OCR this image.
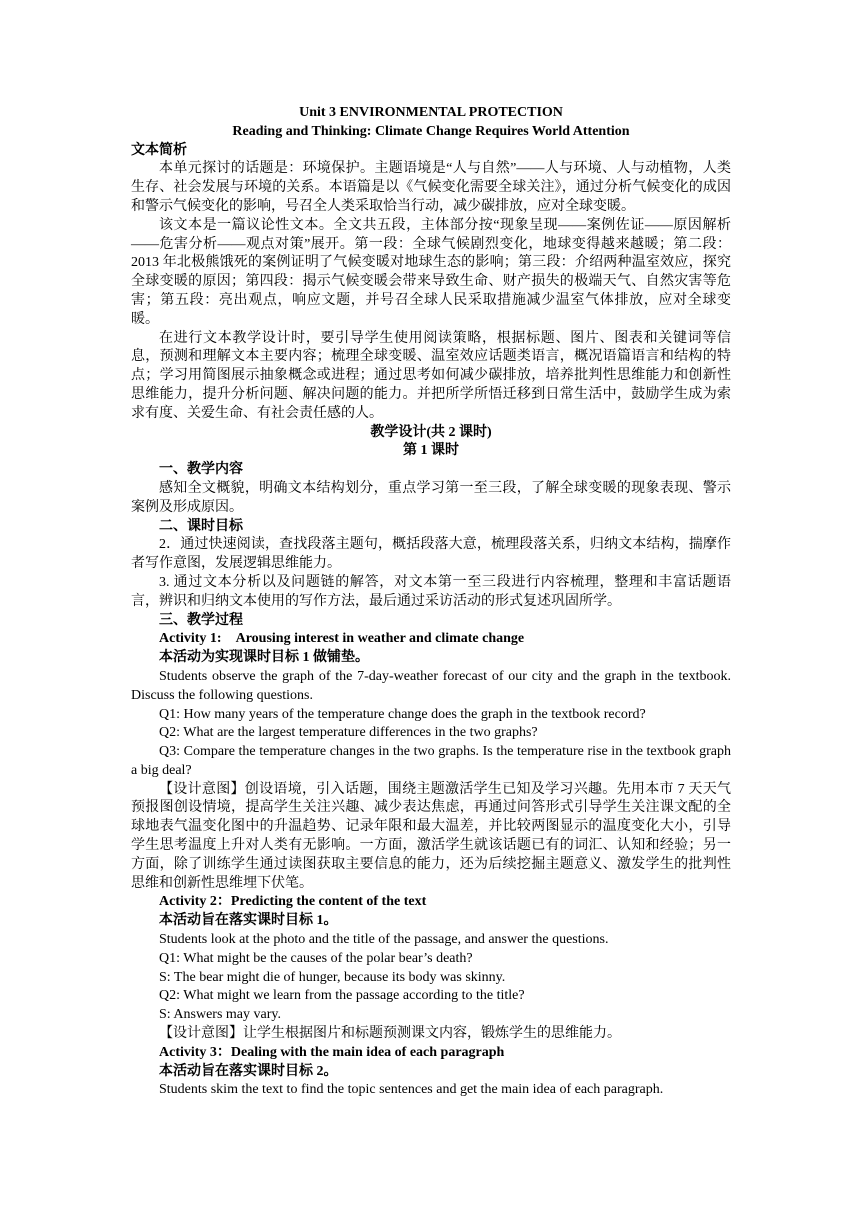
Unit 3 ENVIRONMENTAL PROTECTION

Reading and Thinking: Climate Change Requires World Attention

文本简析

本单元探讨的话题是：环境保护。主题语境是“人与自然”——人与环境、人与动植物，人类生存、社会发展与环境的关系。本语篇是以《气候变化需要全球关注》，通过分析气候变化的成因和警示气候变化的影响，号召全人类采取恰当行动，减少碳排放，应对全球变暖。

该文本是一篇议论性文本。全文共五段，主体部分按“现象呈现——案例佐证——原因解析——危害分析——观点对策”展开。第一段：全球气候剧烈变化，地球变得越来越暖；第二段：2013 年北极熊饿死的案例证明了气候变暖对地球生态的影响；第三段：介绍两种温室效应，探究全球变暖的原因；第四段：揭示气候变暖会带来导致生命、财产损失的极端天气、自然灾害等危害；第五段：亮出观点，响应文题，并号召全球人民采取措施减少温室气体排放，应对全球变暖。

在进行文本教学设计时，要引导学生使用阅读策略，根据标题、图片、图表和关键词等信息，预测和理解文本主要内容；梳理全球变暖、温室效应话题类语言，概况语篇语言和结构的特点；学习用简图展示抽象概念或进程；通过思考如何减少碳排放，培养批判性思维能力和创新性思维能力，提升分析问题、解决问题的能力。并把所学所悟迁移到日常生活中，鼓励学生成为索求有度、关爱生命、有社会责任感的人。

教学设计(共 2 课时)

第 1 课时

一、教学内容

感知全文概貌，明确文本结构划分，重点学习第一至三段，了解全球变暖的现象表现、警示案例及形成原因。

二、课时目标

2．通过快速阅读，查找段落主题句，概括段落大意，梳理段落关系，归纳文本结构，揣摩作者写作意图，发展逻辑思维能力。

3. 通过文本分析以及问题链的解答，对文本第一至三段进行内容梳理，整理和丰富话题语言，辨识和归纳文本使用的写作方法，最后通过采访活动的形式复述巩固所学。

三、教学过程

Activity 1:　Arousing interest in weather and climate change

本活动为实现课时目标 1 做铺垫。

Students observe the graph of the 7-day-weather forecast of our city and the graph in the textbook. Discuss the following questions.

Q1: How many years of the temperature change does the graph in the textbook record?

Q2: What are the largest temperature differences in the two graphs?

Q3: Compare the temperature changes in the two graphs. Is the temperature rise in the textbook graph a big deal?

【设计意图】创设语境，引入话题，围绕主题激活学生已知及学习兴趣。先用本市 7 天天气预报图创设情境，提高学生关注兴趣、减少表达焦虑，再通过问答形式引导学生关注课文配的全球地表气温变化图中的升温趋势、记录年限和最大温差，并比较两图显示的温度变化大小，引导学生思考温度上升对人类有无影响。一方面，激活学生就该话题已有的词汇、认知和经验；另一方面，除了训练学生通过读图获取主要信息的能力，还为后续挖掘主题意义、激发学生的批判性思维和创新性思维埋下伏笔。

Activity 2：Predicting the content of the text

本活动旨在落实课时目标 1。

Students look at the photo and the title of the passage, and answer the questions.

Q1: What might be the causes of the polar bear’s death?

S: The bear might die of hunger, because its body was skinny.

Q2: What might we learn from the passage according to the title?

S: Answers may vary.

【设计意图】让学生根据图片和标题预测课文内容，锻炼学生的思维能力。

Activity 3：Dealing with the main idea of each paragraph

本活动旨在落实课时目标 2。

Students skim the text to find the topic sentences and get the main idea of each paragraph.
